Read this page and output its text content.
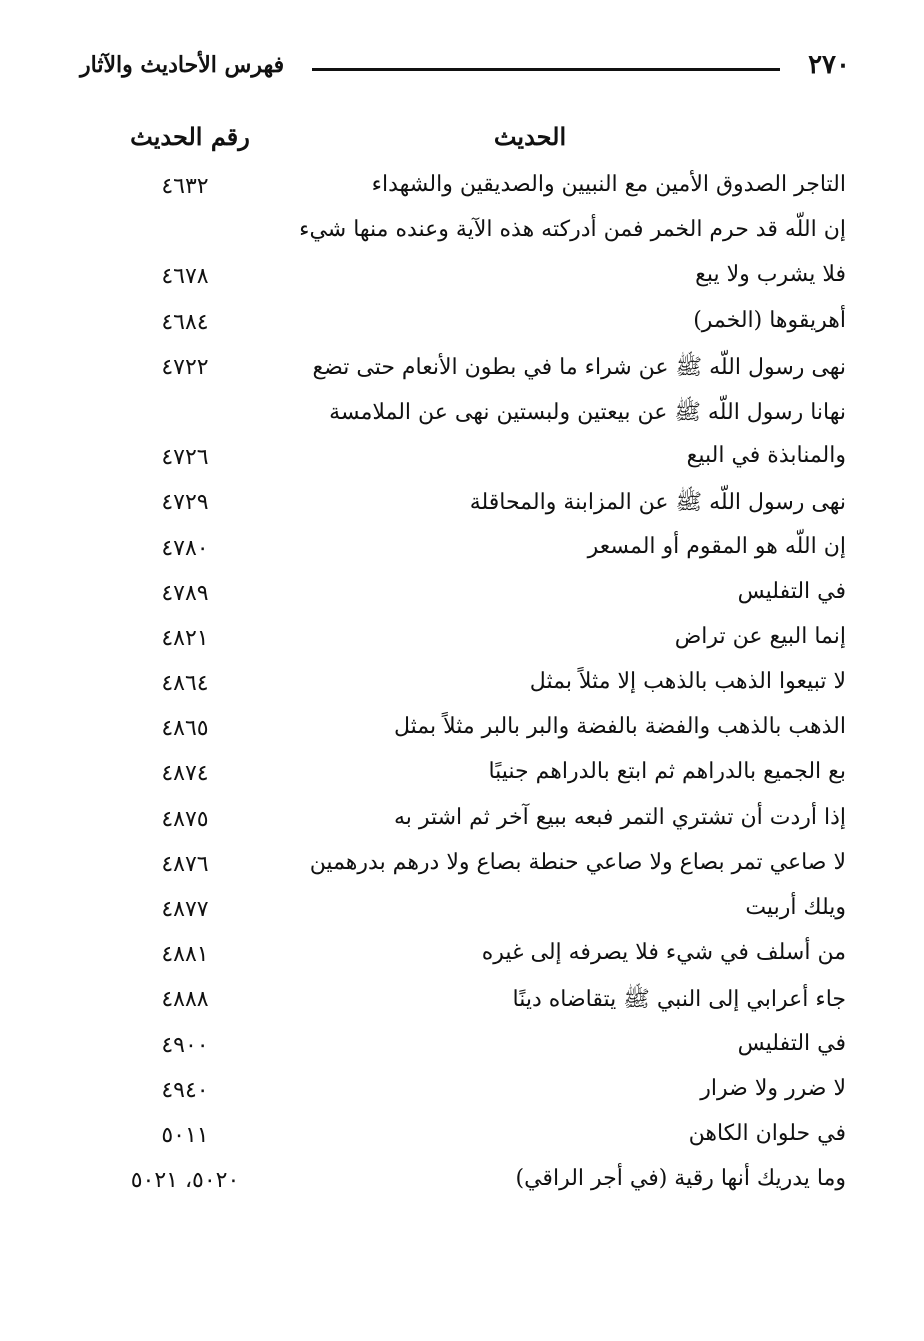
٢٧٠
فهرس الأحاديث والآثار
الحديث
رقم الحديث
التاجر الصدوق الأمين مع النبيين والصديقين والشهداء
٤٦٣٢
إن اللّه قد حرم الخمر فمن أدركته هذه الآية وعنده منها شيء
فلا يشرب ولا يبع
٤٦٧٨
أهريقوها (الخمر)
٤٦٨٤
نهى رسول اللّه ﷺ عن شراء ما في بطون الأنعام حتى تضع
٤٧٢٢
نهانا رسول اللّه ﷺ عن بيعتين ولبستين نهى عن الملامسة
والمنابذة في البيع
٤٧٢٦
نهى رسول اللّه ﷺ عن المزابنة والمحاقلة
٤٧٢٩
إن اللّه هو المقوم أو المسعر
٤٧٨٠
في التفليس
٤٧٨٩
إنما البيع عن تراض
٤٨٢١
لا تبيعوا الذهب بالذهب إلا مثلاً بمثل
٤٨٦٤
الذهب بالذهب والفضة بالفضة والبر بالبر مثلاً بمثل
٤٨٦٥
بع الجميع بالدراهم ثم ابتع بالدراهم جنيبًا
٤٨٧٤
إذا أردت أن تشتري التمر فبعه ببيع آخر ثم اشتر به
٤٨٧٥
لا صاعي تمر بصاع ولا صاعي حنطة بصاع ولا درهم بدرهمين
٤٨٧٦
ويلك أربيت
٤٨٧٧
من أسلف في شيء فلا يصرفه إلى غيره
٤٨٨١
جاء أعرابي إلى النبي ﷺ يتقاضاه دينًا
٤٨٨٨
في التفليس
٤٩٠٠
لا ضرر ولا ضرار
٤٩٤٠
في حلوان الكاهن
٥٠١١
وما يدريك أنها رقية (في أجر الراقي)
٥٠٢٠، ٥٠٢١
